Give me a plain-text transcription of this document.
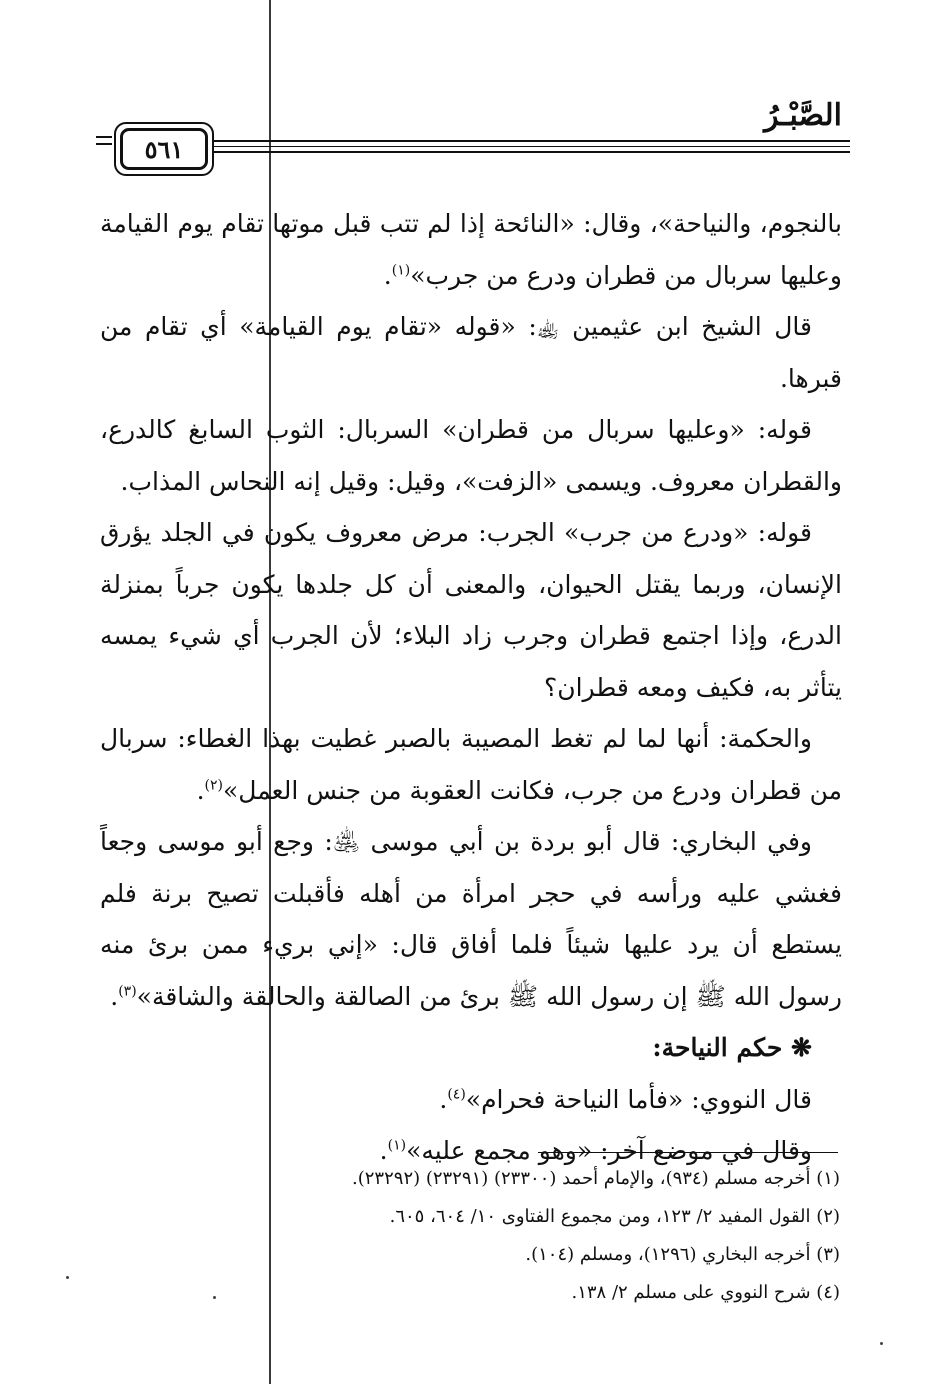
الصَّبْـرُ
٥٦١

بالنجوم، والنياحة»، وقال: «النائحة إذا لم تتب قبل موتها تقام يوم القيامة وعليها سربال من قطران ودرع من جرب»$^{(١)}$.

قال الشيخ ابن عثيمين ﵀: «قوله «تقام يوم القيامة» أي تقام من قبرها.

قوله: «وعليها سربال من قطران» السربال: الثوب السابغ كالدرع، والقطران معروف. ويسمى «الزفت»، وقيل: وقيل إنه النحاس المذاب.

قوله: «ودرع من جرب» الجرب: مرض معروف يكون في الجلد يؤرق الإنسان، وربما يقتل الحيوان، والمعنى أن كل جلدها يكون جرباً بمنزلة الدرع، وإذا اجتمع قطران وجرب زاد البلاء؛ لأن الجرب أي شيء يمسه يتأثر به، فكيف ومعه قطران؟

والحكمة: أنها لما لم تغط المصيبة بالصبر غطيت بهذا الغطاء: سربال من قطران ودرع من جرب، فكانت العقوبة من جنس العمل»$^{(٢)}$.

وفي البخاري: قال أبو بردة بن أبي موسى ﵁: وجع أبو موسى وجعاً فغشي عليه ورأسه في حجر امرأة من أهله فأقبلت تصيح برنة فلم يستطع أن يرد عليها شيئاً فلما أفاق قال: «إني بريء ممن برئ منه رسول الله ﷺ إن رسول الله ﷺ برئ من الصالقة والحالقة والشاقة»$^{(٣)}$.

❋ حكم النياحة:

قال النووي: «فأما النياحة فحرام»$^{(٤)}$.

وقال في موضع آخر: «وهو مجمع عليه»$^{(١)}$.

(١) أخرجه مسلم (٩٣٤)، والإمام أحمد (٢٣٣٠٠) (٢٣٢٩١) (٢٣٢٩٢).

(٢) القول المفيد ٢/ ١٢٣، ومن مجموع الفتاوى ١٠/ ٦٠٤، ٦٠٥.

(٣) أخرجه البخاري (١٢٩٦)، ومسلم (١٠٤).

(٤) شرح النووي على مسلم ٢/ ١٣٨.
